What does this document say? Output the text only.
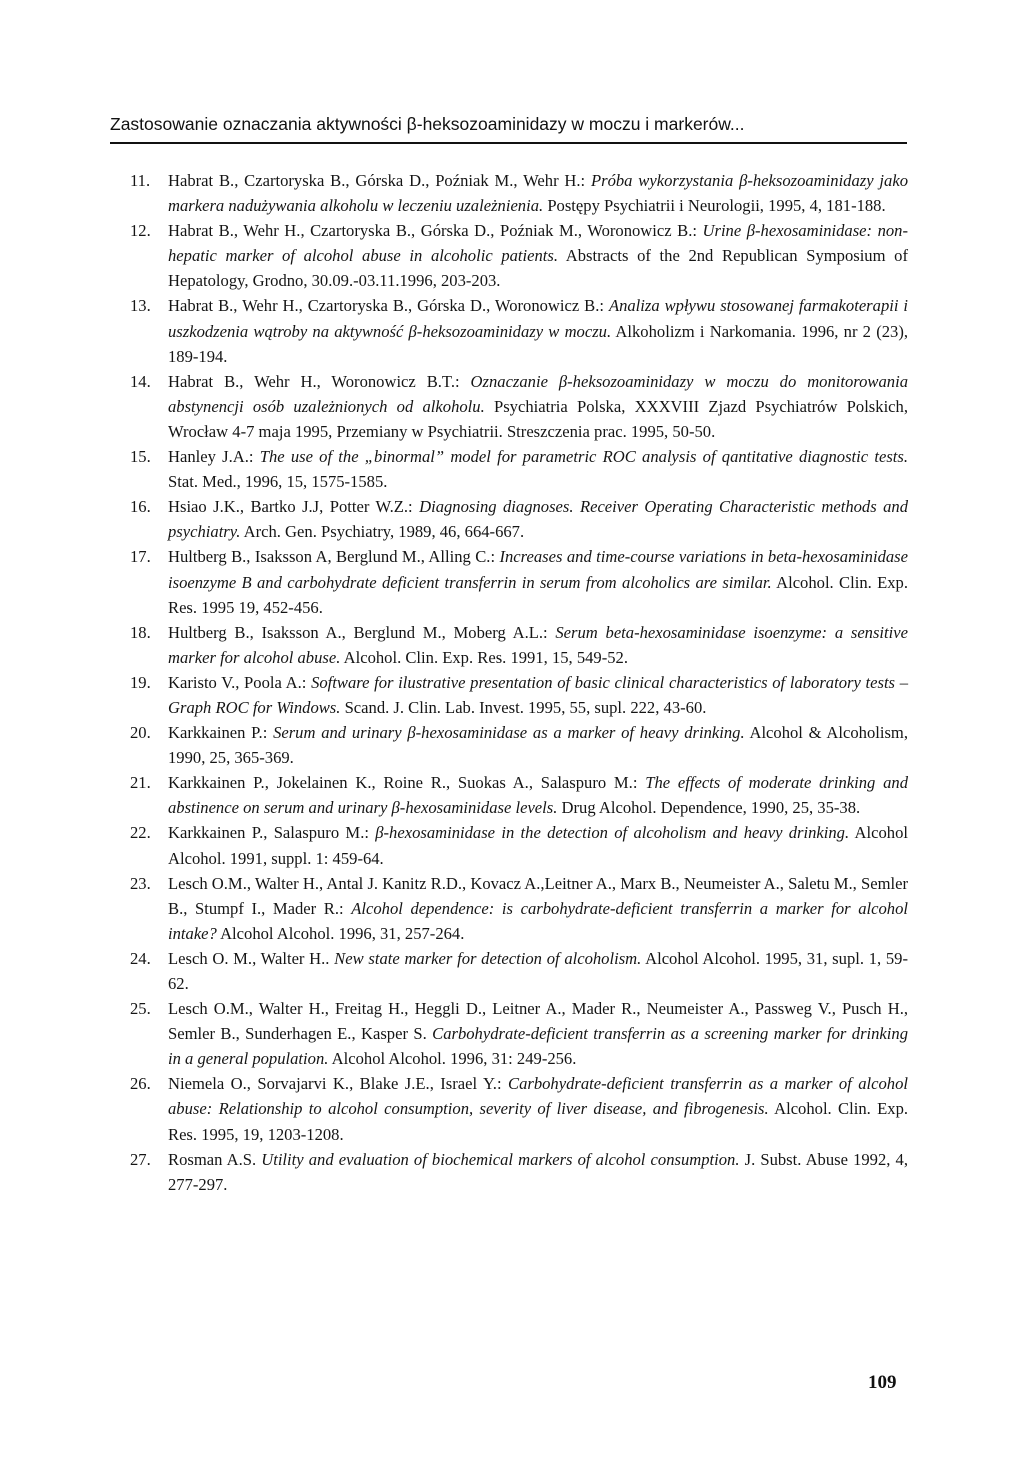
Zastosowanie oznaczania aktywności β-heksozoaminidazy w moczu i markerów...
11.	Habrat B., Czartoryska B., Górska D., Poźniak M., Wehr H.: Próba wykorzystania β-heksozoaminidazy jako markera nadużywania alkoholu w leczeniu uzależnienia. Postępy Psychiatrii i Neurologii, 1995, 4, 181-188.
12.	Habrat B., Wehr H., Czartoryska B., Górska D., Poźniak M., Woronowicz B.: Urine β-hexosaminidase: non-hepatic marker of alcohol abuse in alcoholic patients. Abstracts of the 2nd Republican Symposium of Hepatology, Grodno, 30.09.-03.11.1996, 203-203.
13.	Habrat B., Wehr H., Czartoryska B., Górska D., Woronowicz B.: Analiza wpływu stosowanej farmakoterapii i uszkodzenia wątroby na aktywność β-heksozoaminidazy w moczu. Alkoholizm i Narkomania. 1996, nr 2 (23), 189-194.
14.	Habrat B., Wehr H., Woronowicz B.T.: Oznaczanie β-heksozoaminidazy w moczu do monitorowania abstynencji osób uzależnionych od alkoholu. Psychiatria Polska, XXXVIII Zjazd Psychiatrów Polskich, Wrocław 4-7 maja 1995, Przemiany w Psychiatrii. Streszczenia prac. 1995, 50-50.
15.	Hanley J.A.: The use of the „binormal” model for parametric ROC analysis of qantitative diagnostic tests. Stat. Med., 1996, 15, 1575-1585.
16.	Hsiao J.K., Bartko J.J, Potter W.Z.: Diagnosing diagnoses. Receiver Operating Characteristic methods and psychiatry. Arch. Gen. Psychiatry, 1989, 46, 664-667.
17.	Hultberg B., Isaksson A, Berglund M., Alling C.: Increases and time-course variations in beta-hexosaminidase isoenzyme B and carbohydrate deficient transferrin in serum from alcoholics are similar. Alcohol. Clin. Exp. Res. 1995 19, 452-456.
18.	Hultberg B., Isaksson A., Berglund M., Moberg A.L.: Serum beta-hexosaminidase isoenzyme: a sensitive marker for alcohol abuse. Alcohol. Clin. Exp. Res. 1991, 15, 549-52.
19.	Karisto V., Poola A.: Software for ilustrative presentation of basic clinical characteristics of laboratory tests – Graph ROC for Windows. Scand. J. Clin. Lab. Invest. 1995, 55, supl. 222, 43-60.
20.	Karkkainen P.: Serum and urinary β-hexosaminidase as a marker of heavy drinking. Alcohol & Alcoholism, 1990, 25, 365-369.
21.	Karkkainen P., Jokelainen K., Roine R., Suokas A., Salaspuro M.: The effects of moderate drinking and abstinence on serum and urinary β-hexosaminidase levels. Drug Alcohol. Dependence, 1990, 25, 35-38.
22.	Karkkainen P., Salaspuro M.: β-hexosaminidase in the detection of alcoholism and heavy drinking. Alcohol Alcohol. 1991, suppl. 1: 459-64.
23.	Lesch O.M., Walter H., Antal J. Kanitz R.D., Kovacz A.,Leitner A., Marx B., Neumeister A., Saletu M., Semler B., Stumpf I., Mader R.: Alcohol dependence: is carbohydrate-deficient transferrin a marker for alcohol intake? Alcohol Alcohol. 1996, 31, 257-264.
24.	Lesch O. M., Walter H.. New state marker for detection of alcoholism. Alcohol Alcohol. 1995, 31, supl. 1, 59-62.
25.	Lesch O.M., Walter H., Freitag H., Heggli D., Leitner A., Mader R., Neumeister A., Passweg V., Pusch H., Semler B., Sunderhagen E., Kasper S. Carbohydrate-deficient transferrin as a screening marker for drinking in a general population. Alcohol Alcohol. 1996, 31: 249-256.
26.	Niemela O., Sorvajarvi K., Blake J.E., Israel Y.: Carbohydrate-deficient transferrin as a marker of alcohol abuse: Relationship to alcohol consumption, severity of liver disease, and fibrogenesis. Alcohol. Clin. Exp. Res. 1995, 19, 1203-1208.
27.	Rosman A.S. Utility and evaluation of biochemical markers of alcohol consumption. J. Subst. Abuse 1992, 4, 277-297.
109
